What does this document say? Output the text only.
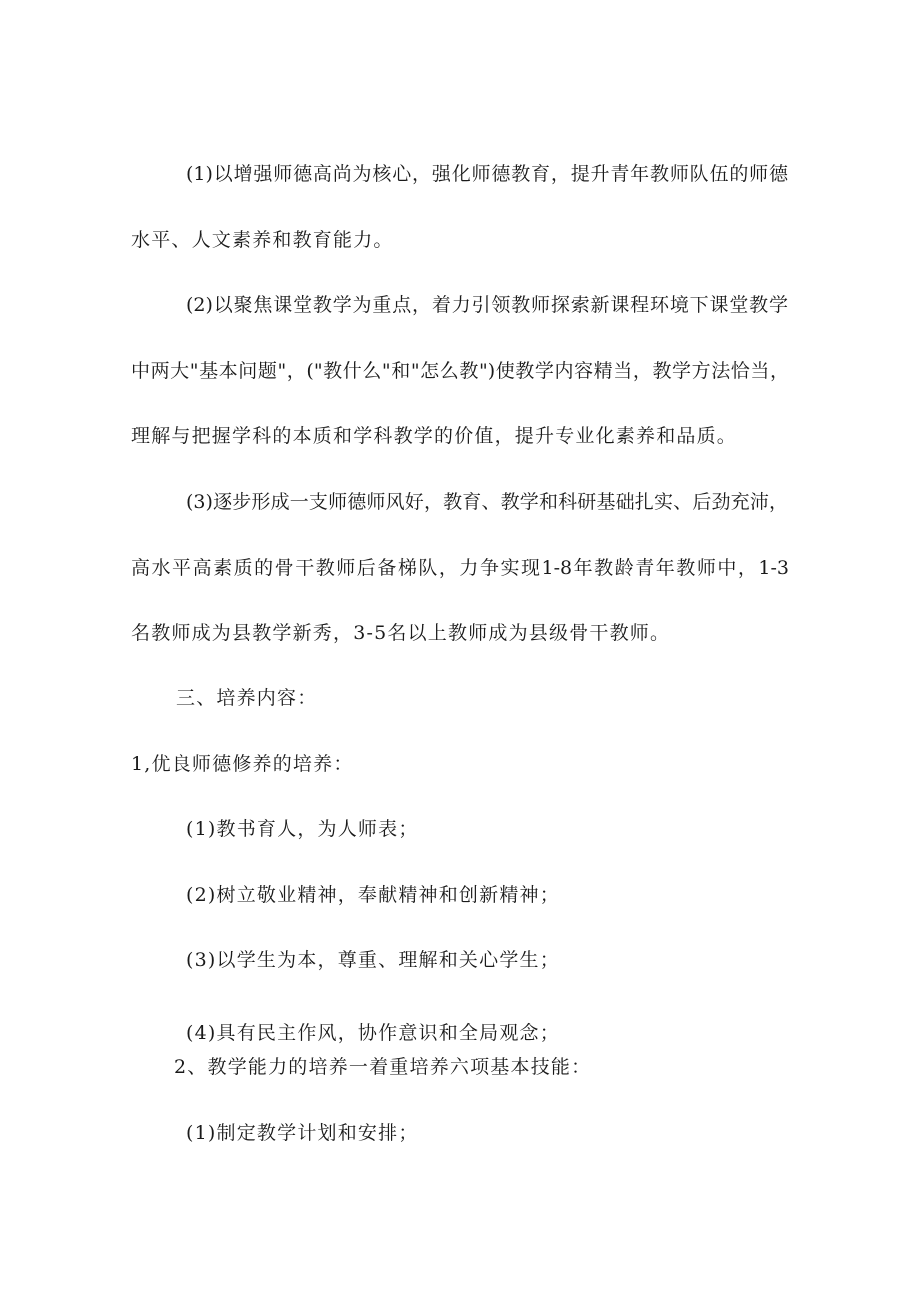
(1)以增强师德高尚为核心，强化师德教育，提升青年教师队伍的师德
水平、人文素养和教育能力。
(2)以聚焦课堂教学为重点，着力引领教师探索新课程环境下课堂教学
中两大"基本问题"，("教什么"和"怎么教")使教学内容精当，教学方法恰当，
理解与把握学科的本质和学科教学的价值，提升专业化素养和品质。
(3)逐步形成一支师德师风好，教育、教学和科研基础扎实、后劲充沛，
高水平高素质的骨干教师后备梯队，力争实现1-8年教龄青年教师中，1-3
名教师成为县教学新秀，3-5名以上教师成为县级骨干教师。
三、培养内容：
1,优良师德修养的培养：
(1)教书育人，为人师表；
(2)树立敬业精神，奉献精神和创新精神；
(3)以学生为本，尊重、理解和关心学生；
(4)具有民主作风，协作意识和全局观念；
2、教学能力的培养一着重培养六项基本技能：
(1)制定教学计划和安排；
